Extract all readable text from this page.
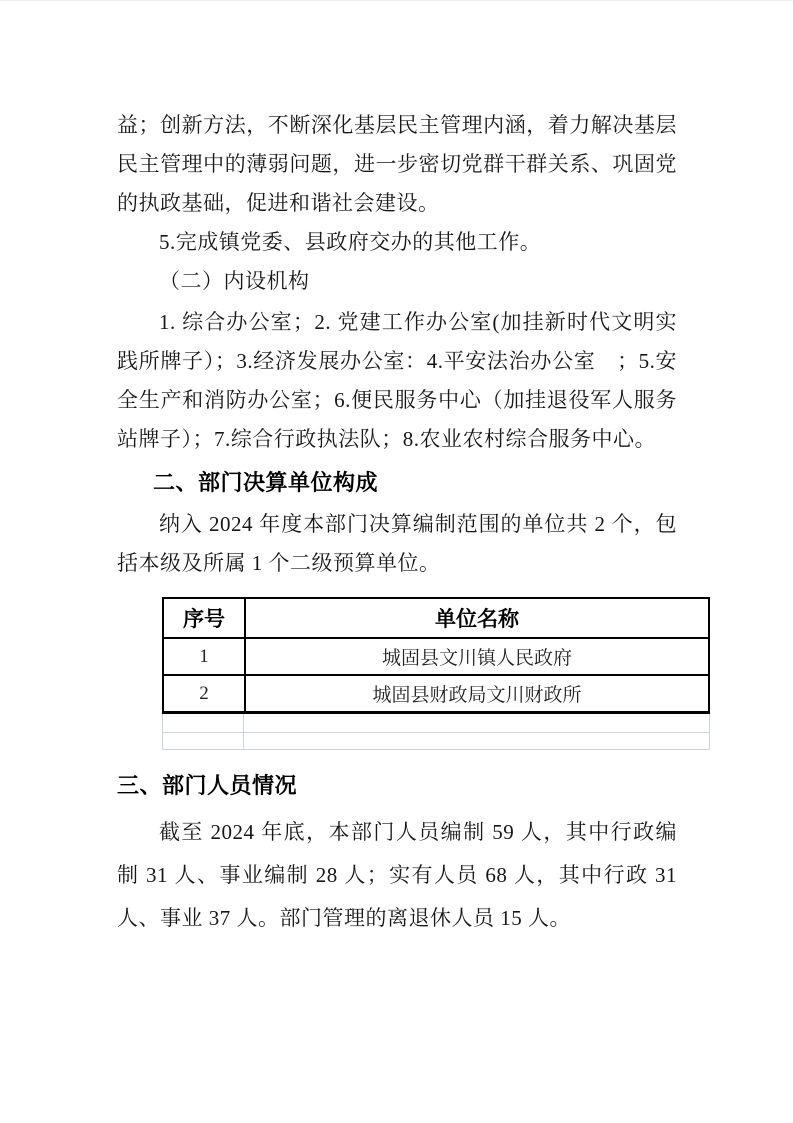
益；创新方法，不断深化基层民主管理内涵，着力解决基层民主管理中的薄弱问题，进一步密切党群干群关系、巩固党的执政基础，促进和谐社会建设。

5.完成镇党委、县政府交办的其他工作。

（二）内设机构

1. 综合办公室；2. 党建工作办公室(加挂新时代文明实践所牌子）；3.经济发展办公室：4.平安法治办公室　；5.安全生产和消防办公室；6.便民服务中心（加挂退役军人服务站牌子）；7.综合行政执法队；8.农业农村综合服务中心。

二、部门决算单位构成

纳入 2024 年度本部门决算编制范围的单位共 2 个，包括本级及所属 1 个二级预算单位。

序号	单位名称
1	城固县文川镇人民政府
2	城固县财政局文川财政所

三、部门人员情况

截至 2024 年底，本部门人员编制 59 人，其中行政编制 31 人、事业编制 28 人；实有人员 68 人，其中行政 31 人、事业 37 人。部门管理的离退休人员 15 人。
